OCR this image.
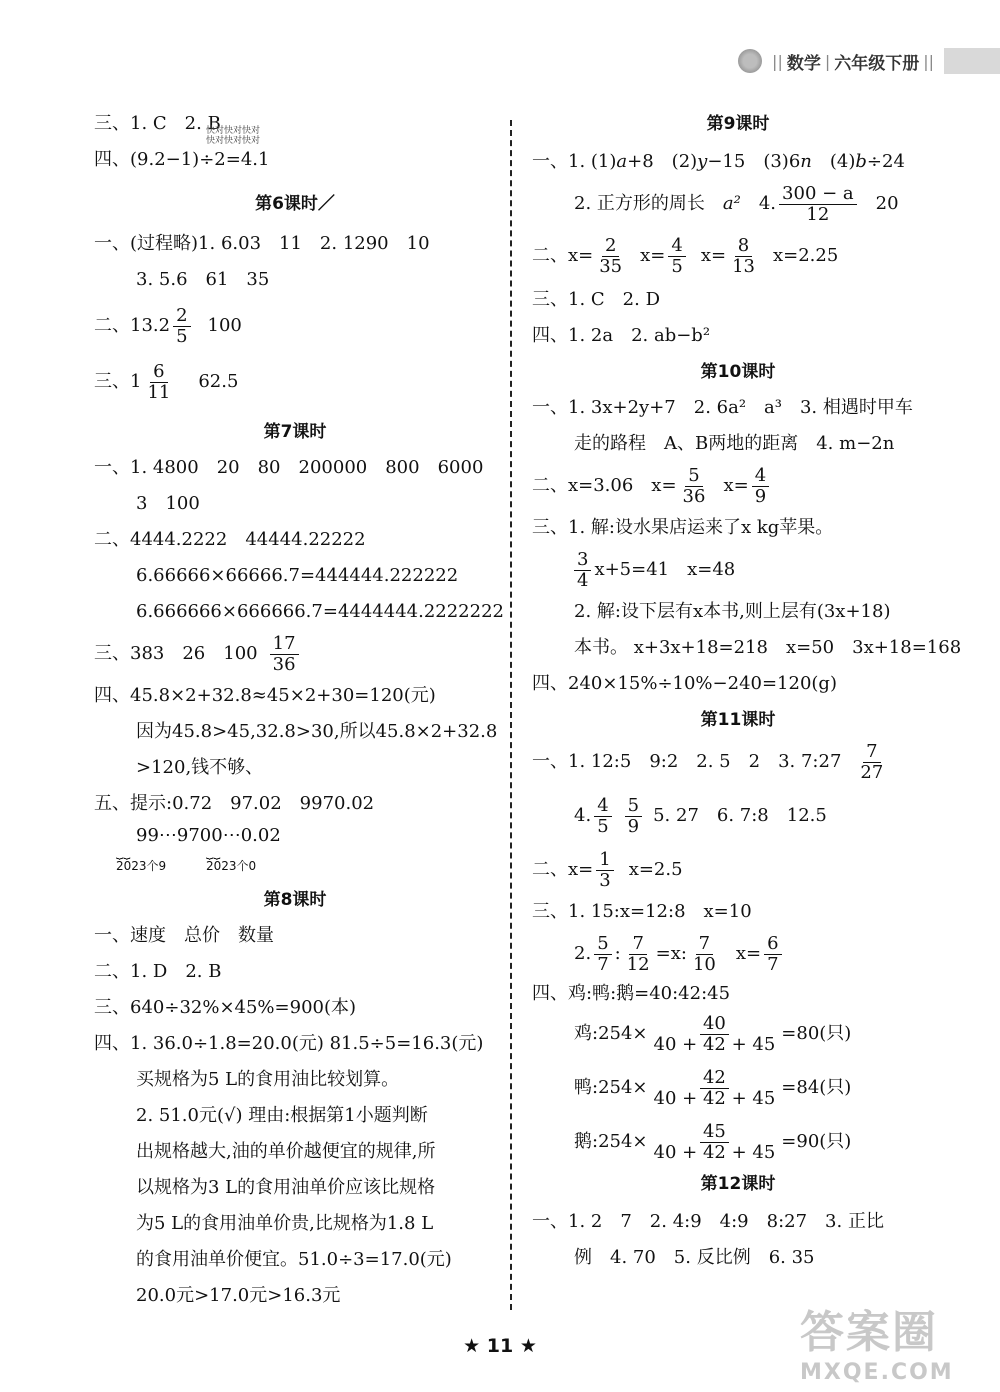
|| 数学 | 六年级下册 ||
三、1. C　2. B
快对快对快对
快对快对快对
四、(9.2−1)÷2=4.1
第6课时／
一、(过程略)1. 6.03　11　2. 1290　10
3. 5.6　61　35
二、$13.2 \frac{2}{5} 100$
三、$1 \frac{6}{11} 62.5$
第7课时
一、1. 4800　20　80　200000　800　6000
3　100
二、4444.2222　44444.22222
6.66666×66666.7=444444.222222
6.666666×666666.7=4444444.2222222
三、383　26　$100 \frac{17}{36}$
四、45.8×2+32.8≈45×2+30=120(元)
因为45.8>45,32.8>30,所以45.8×2+32.8
>120,钱不够、
五、提示:0.72　97.02　9970.02
99⋯9700⋯0.02
⏟⏟
2023个9
⏟⏟
2023个0
第8课时
一、速度　总价　数量
二、1. D　2. B
三、640÷32%×45%=900(本)
四、1. 36.0÷1.8=20.0(元) 81.5÷5=16.3(元)
买规格为5 L的食用油比较划算。
2. 51.0元(√) 理由:根据第1小题判断
出规格越大,油的单价越便宜的规律,所
以规格为3 L的食用油单价应该比规格
为5 L的食用油单价贵,比规格为1.8 L
的食用油单价便宜。51.0÷3=17.0(元)
20.0元>17.0元>16.3元
第9课时
一、1. (1)a+8　(2)y−15　(3)6n　(4)b÷24
2. 正方形的周长　 a² 　4. $\frac{300 - a}{12} 20$
二、$x= \frac{2}{35} x= \frac{4}{5} x= \frac{8}{13} x=2.25$
三、1. C　2. D
四、1. 2a　2. ab−b²
第10课时
一、1. 3x+2y+7　2. 6a²　a³　3. 相遇时甲车
走的路程　A、B两地的距离　4. m−2n
二、x=3.06　$x= \frac{5}{36} x= \frac{4}{9}$
三、1. 解:设水果店运来了x kg苹果。
$\frac{3}{4} x+5=41$　x=48
2. 解:设下层有x本书,则上层有(3x+18)
本书。 x+3x+18=218　x=50　3x+18=168
四、240×15%÷10%−240=120(g)
第11课时
一、1. 12:5　9:2　2. 5　2　3. 7:27 $\frac{7}{27}$
4. $\frac{4}{5} \frac{5}{9} 5$. 27　6. 7:8　12.5
二、$x= \frac{1}{3} x=2.5$
三、1. 15:x=12:8　x=10
2. $\frac{5}{7}$ : $\frac{7}{12} =x$: $\frac{7}{10} x= \frac{6}{7}$
四、鸡:鸭:鹅=40:42:45
鸡:254× $\frac{40}{40 + 42 + 45} =80$(只)
鸭:254× $\frac{42}{40 + 42 + 45} =84$(只)
鹅:254× $\frac{45}{40 + 42 + 45} =90$(只)
第12课时
一、1. 2　7　2. 4:9　4:9　8:27　3. 正比
例　4. 70　5. 反比例　6. 35
★ 11 ★	答案圈
MXQE.COM
